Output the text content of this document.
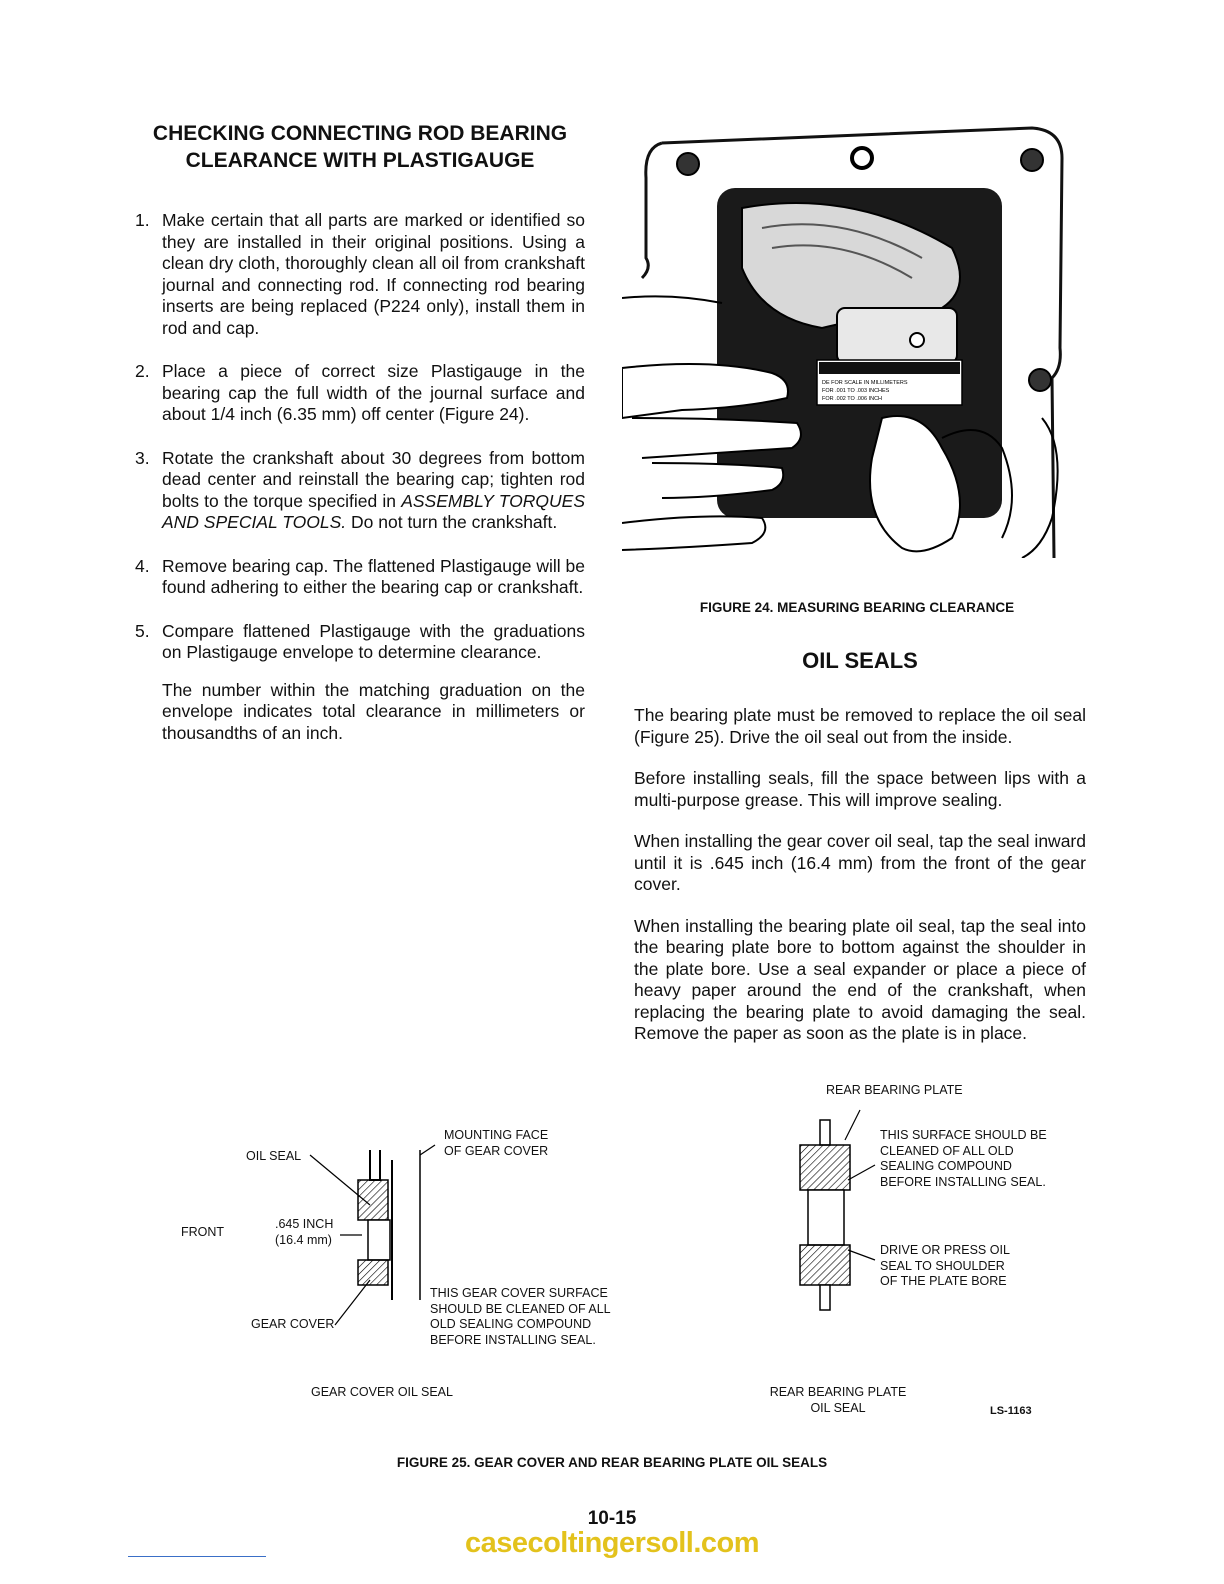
CHECKING CONNECTING ROD BEARING
CLEARANCE WITH PLASTIGAUGE
1. Make certain that all parts are marked or identified so they are installed in their original positions. Using a clean dry cloth, thoroughly clean all oil from crankshaft journal and connecting rod. If connecting rod bearing inserts are being replaced (P224 only), install them in rod and cap.
2. Place a piece of correct size Plastigauge in the bearing cap the full width of the journal surface and about 1/4 inch (6.35 mm) off center (Figure 24).
3. Rotate the crankshaft about 30 degrees from bottom dead center and reinstall the bearing cap; tighten rod bolts to the torque specified in ASSEMBLY TORQUES AND SPECIAL TOOLS. Do not turn the crankshaft.
4. Remove bearing cap. The flattened Plastigauge will be found adhering to either the bearing cap or crankshaft.
5. Compare flattened Plastigauge with the graduations on Plastigauge envelope to determine clearance.
The number within the matching graduation on the envelope indicates total clearance in millimeters or thousandths of an inch.
DE FOR SCALE IN MILLIMETERS
FOR .001 TO .003 INCHES
FOR .002 TO .006 INCH
FIGURE 24. MEASURING BEARING CLEARANCE
OIL SEALS

The bearing plate must be removed to replace the oil seal (Figure 25). Drive the oil seal out from the inside.

Before installing seals, fill the space between lips with a multi-purpose grease. This will improve sealing.

When installing the gear cover oil seal, tap the seal inward until it is .645 inch (16.4 mm) from the front of the gear cover.

When installing the bearing plate oil seal, tap the seal into the bearing plate bore to bottom against the shoulder in the plate bore. Use a seal expander or place a piece of heavy paper around the end of the crankshaft, when replacing the bearing plate to avoid damaging the seal. Remove the paper as soon as the plate is in place.

MOUNTING FACE
OF GEAR COVER
OIL SEAL
FRONT
.645 INCH
(16.4 mm)
GEAR COVER
THIS GEAR COVER SURFACE
SHOULD BE CLEANED OF ALL
OLD SEALING COMPOUND
BEFORE INSTALLING SEAL.
GEAR COVER OIL SEAL
REAR BEARING PLATE
THIS SURFACE SHOULD BE
CLEANED OF ALL OLD
SEALING COMPOUND
BEFORE INSTALLING SEAL.
DRIVE OR PRESS OIL
SEAL TO SHOULDER
OF THE PLATE BORE
REAR BEARING PLATE
OIL SEAL	LS-1163
FIGURE 25. GEAR COVER AND REAR BEARING PLATE OIL SEALS
10-15
casecoltingersoll.com
